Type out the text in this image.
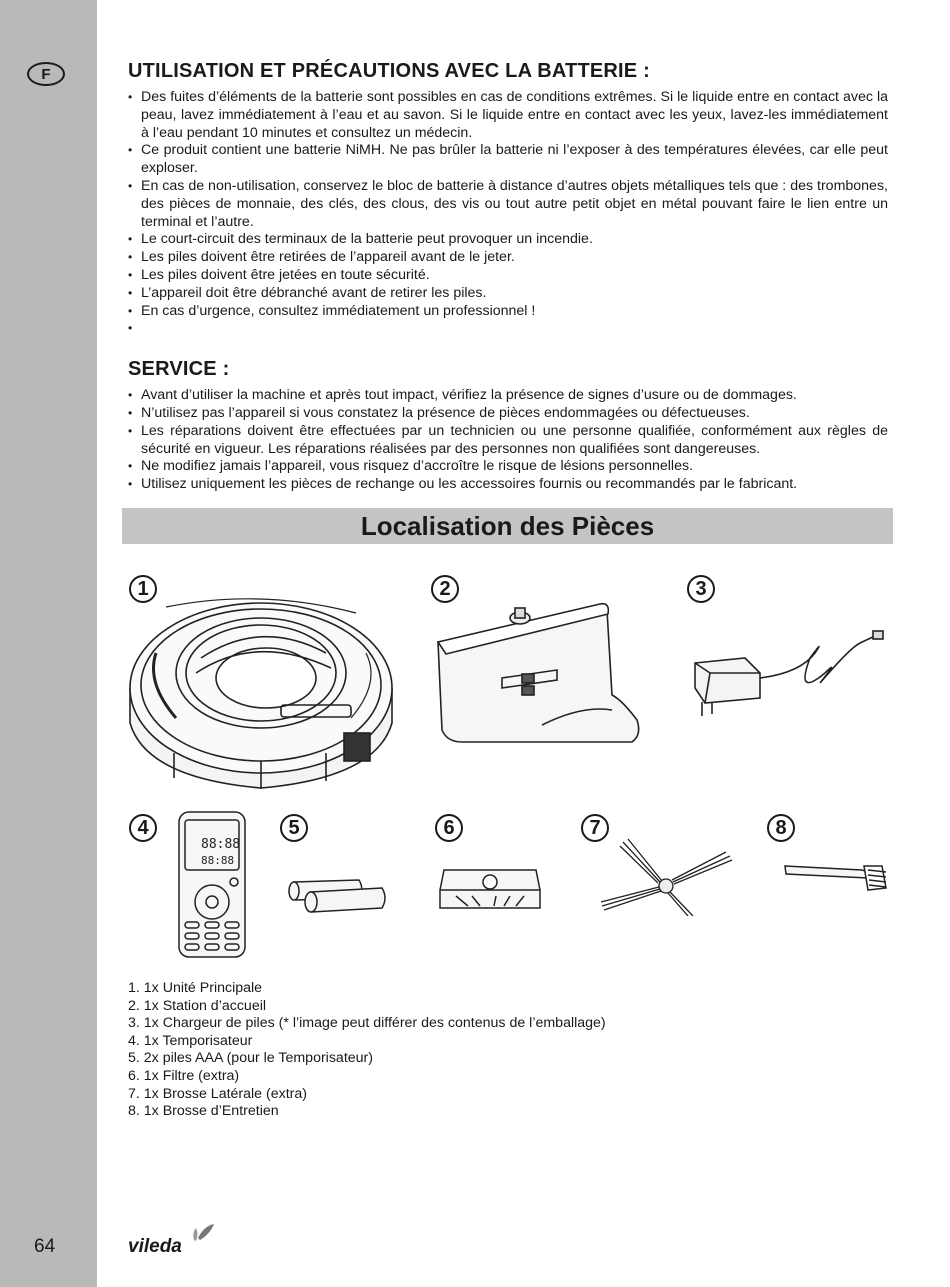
F
64
UTILISATION ET PRÉCAUTIONS AVEC LA BATTERIE :
• Des fuites d’éléments de la batterie sont possibles en cas de conditions extrêmes. Si le liquide entre en contact avec la peau, lavez immédiatement à l’eau et au savon. Si le liquide entre en contact avec les yeux, lavez-les immédiatement à l’eau pendant 10 minutes et consultez un médecin.
• Ce produit contient une batterie NiMH. Ne pas brûler la batterie ni l’exposer à des températures élevées, car elle peut exploser.
• En cas de non-utilisation, conservez le bloc de batterie à distance d’autres objets métalliques tels que : des trombones, des pièces de monnaie, des clés, des clous, des vis ou tout autre petit objet en métal pouvant faire le lien entre un terminal et l’autre.
• Le court-circuit des terminaux de la batterie peut provoquer un incendie.
• Les piles doivent être retirées de l’appareil avant de le jeter.
• Les piles doivent être jetées en toute sécurité.
• L’appareil doit être débranché avant de retirer les piles.
• En cas d’urgence, consultez immédiatement un professionnel !
•
SERVICE :
• Avant d’utiliser la machine et après tout impact, vérifiez la présence de signes d’usure ou de dommages.
• N’utilisez pas l’appareil si vous constatez la présence de pièces endommagées ou défectueuses.
• Les réparations doivent être effectuées par un technicien ou une personne qualifiée, conformément aux règles de sécurité en vigueur. Les réparations réalisées par des personnes non qualifiées sont dangereuses.
• Ne modifiez jamais l’appareil, vous risquez d’accroître le risque de lésions personnelles.
• Utilisez uniquement les pièces de rechange ou les accessoires fournis ou recommandés par le fabricant.
Localisation des Pièces
1	2	3
4	5	6	7	8
88:88
88:88
1. 1x Unité Principale
2. 1x Station d’accueil
3. 1x Chargeur de piles (* l’image peut différer des contenus de l’emballage)
4. 1x Temporisateur
5. 2x piles AAA (pour le Temporisateur)
6. 1x Filtre (extra)
7. 1x Brosse Latérale (extra)
8. 1x Brosse d’Entretien
vileda
